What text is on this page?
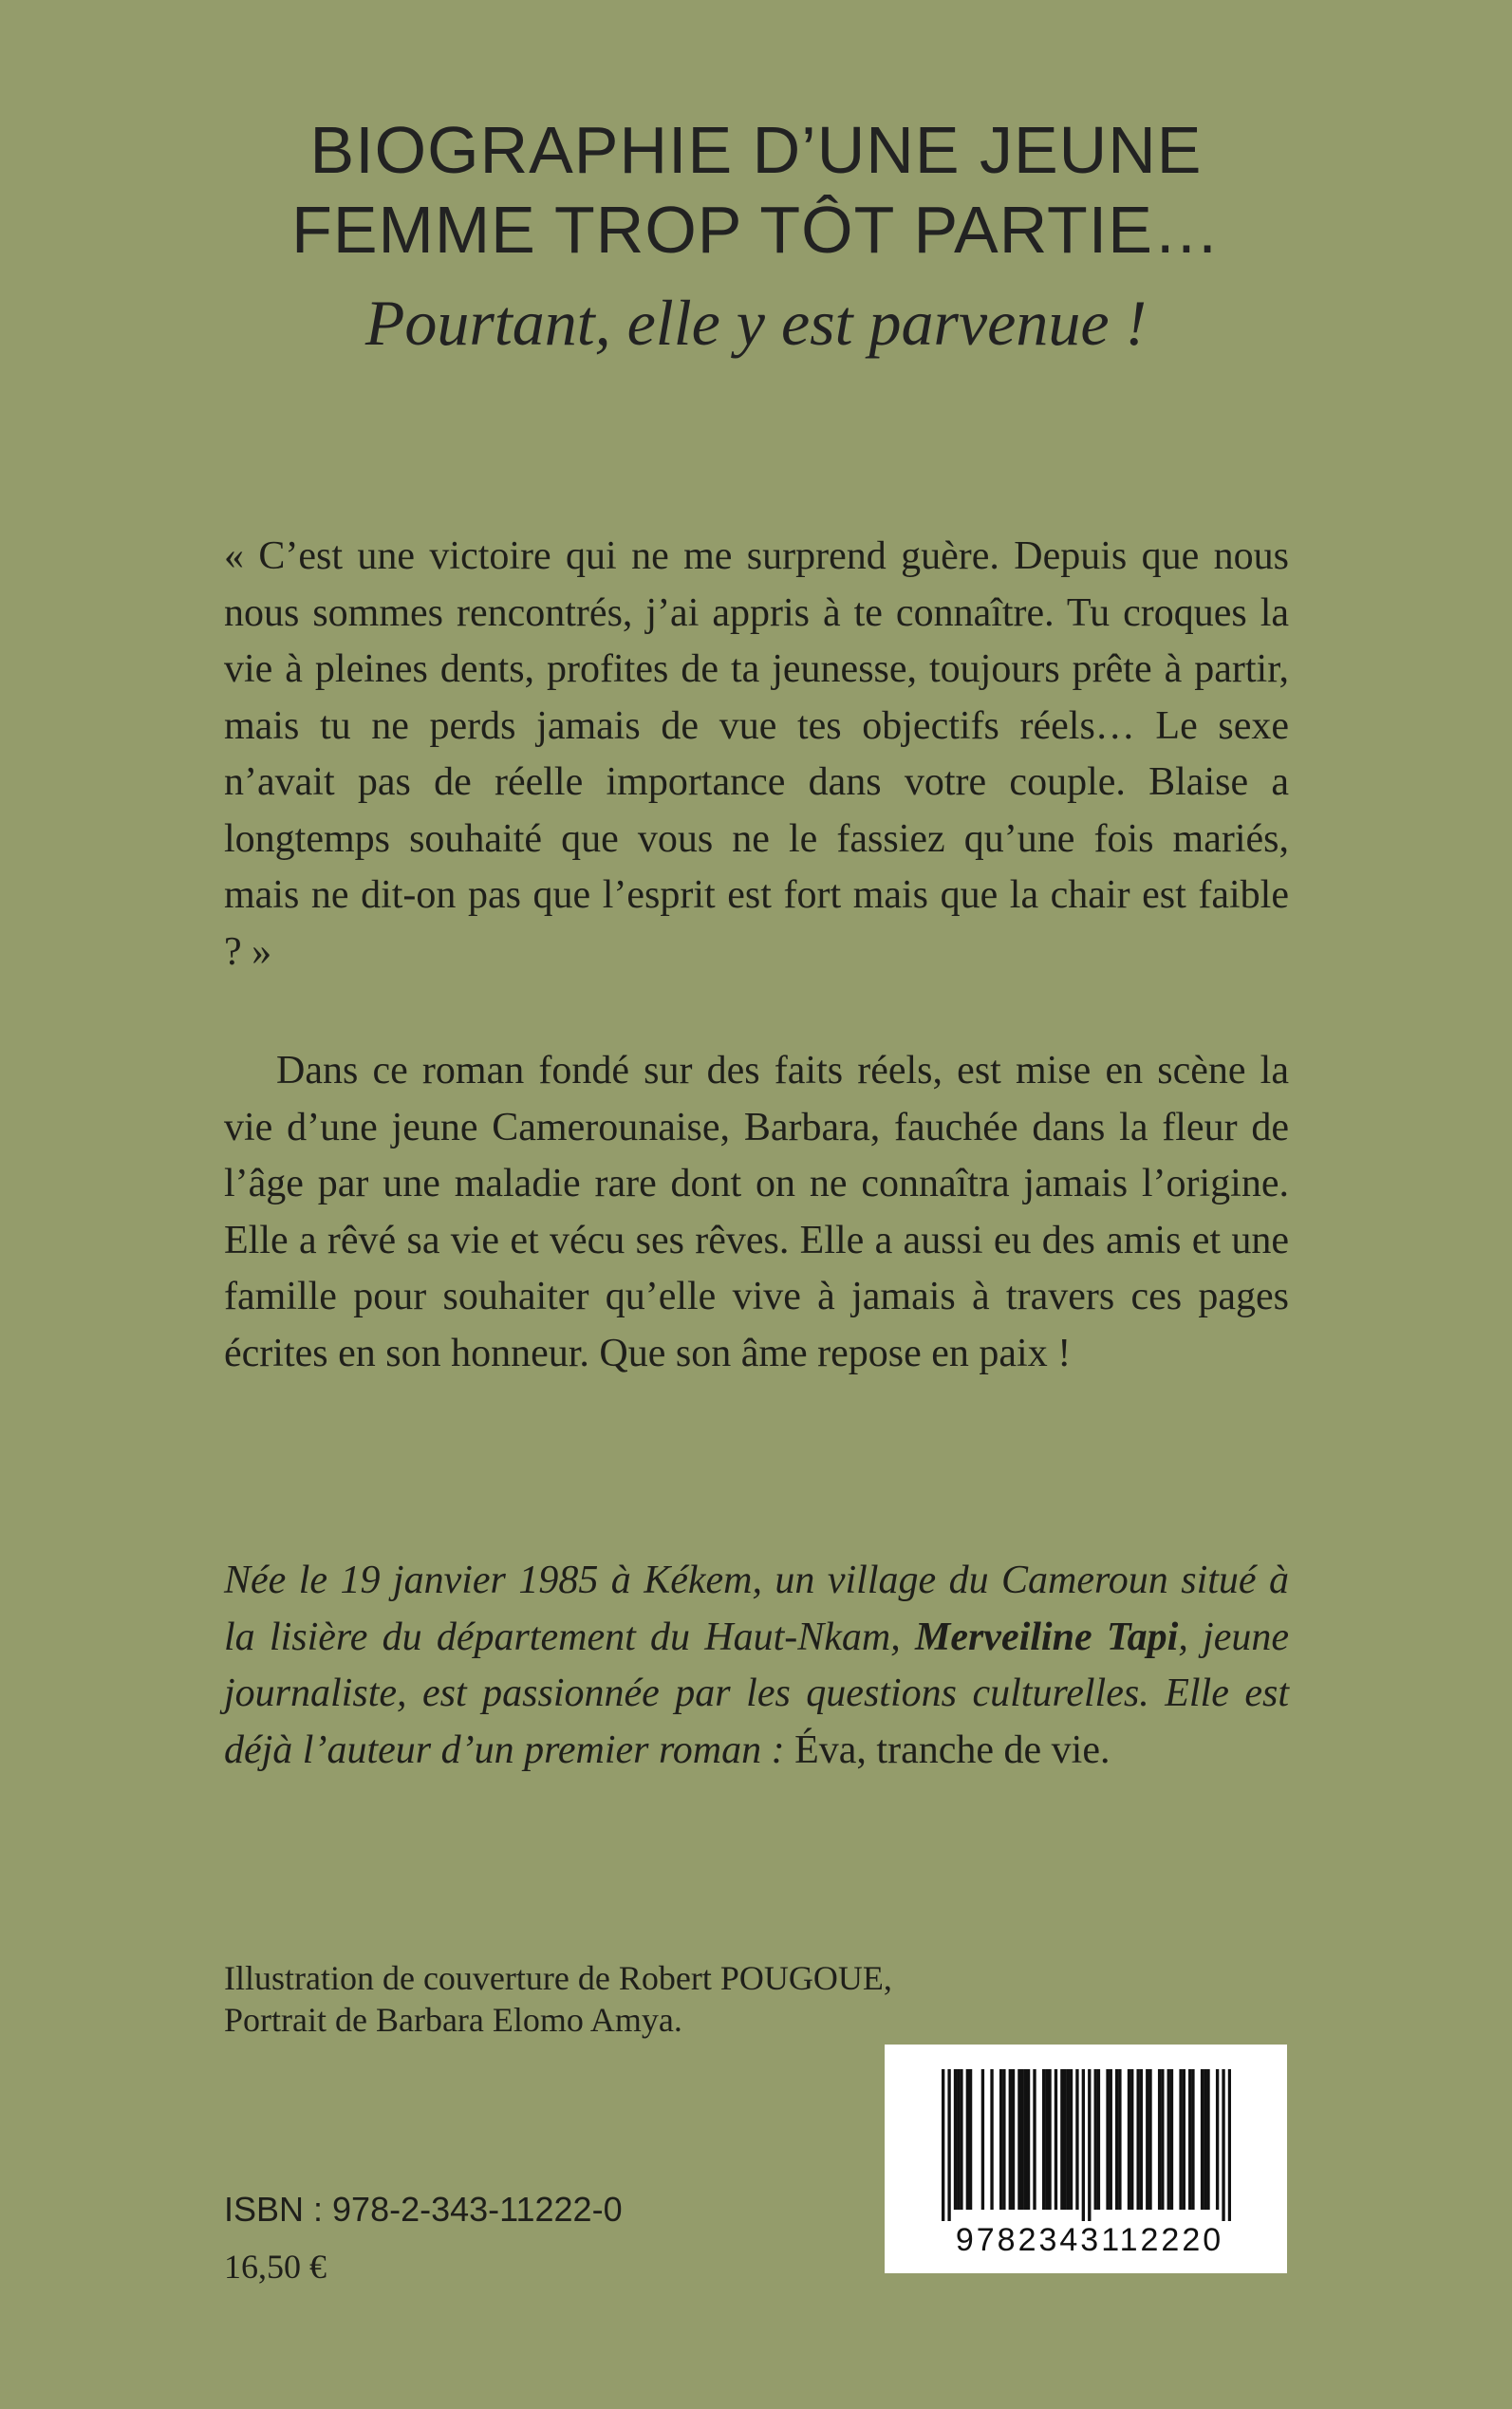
BIOGRAPHIE D’UNE JEUNE
FEMME TROP TÔT PARTIE…
Pourtant, elle y est parvenue !

« C’est une victoire qui ne me surprend guère. Depuis que nous nous sommes rencontrés, j’ai appris à te connaître. Tu croques la vie à pleines dents, profites de ta jeunesse, toujours prête à partir, mais tu ne perds jamais de vue tes objectifs réels… Le sexe n’avait pas de réelle importance dans votre couple. Blaise a longtemps souhaité que vous ne le fassiez qu’une fois mariés, mais ne dit-on pas que l’esprit est fort mais que la chair est faible ? »

Dans ce roman fondé sur des faits réels, est mise en scène la vie d’une jeune Camerounaise, Barbara, fauchée dans la fleur de l’âge par une maladie rare dont on ne connaîtra jamais l’origine. Elle a rêvé sa vie et vécu ses rêves. Elle a aussi eu des amis et une famille pour souhaiter qu’elle vive à jamais à travers ces pages écrites en son honneur. Que son âme repose en paix !

Née le 19 janvier 1985 à Kékem, un village du Cameroun situé à la lisière du département du Haut-Nkam, Merveiline Tapi, jeune journaliste, est passionnée par les questions culturelles. Elle est déjà l’auteur d’un premier roman : Éva, tranche de vie.

Illustration de couverture de Robert POUGOUE,
Portrait de Barbara Elomo Amya.
9782343112220
ISBN : 978-2-343-11222-0
16,50 €
